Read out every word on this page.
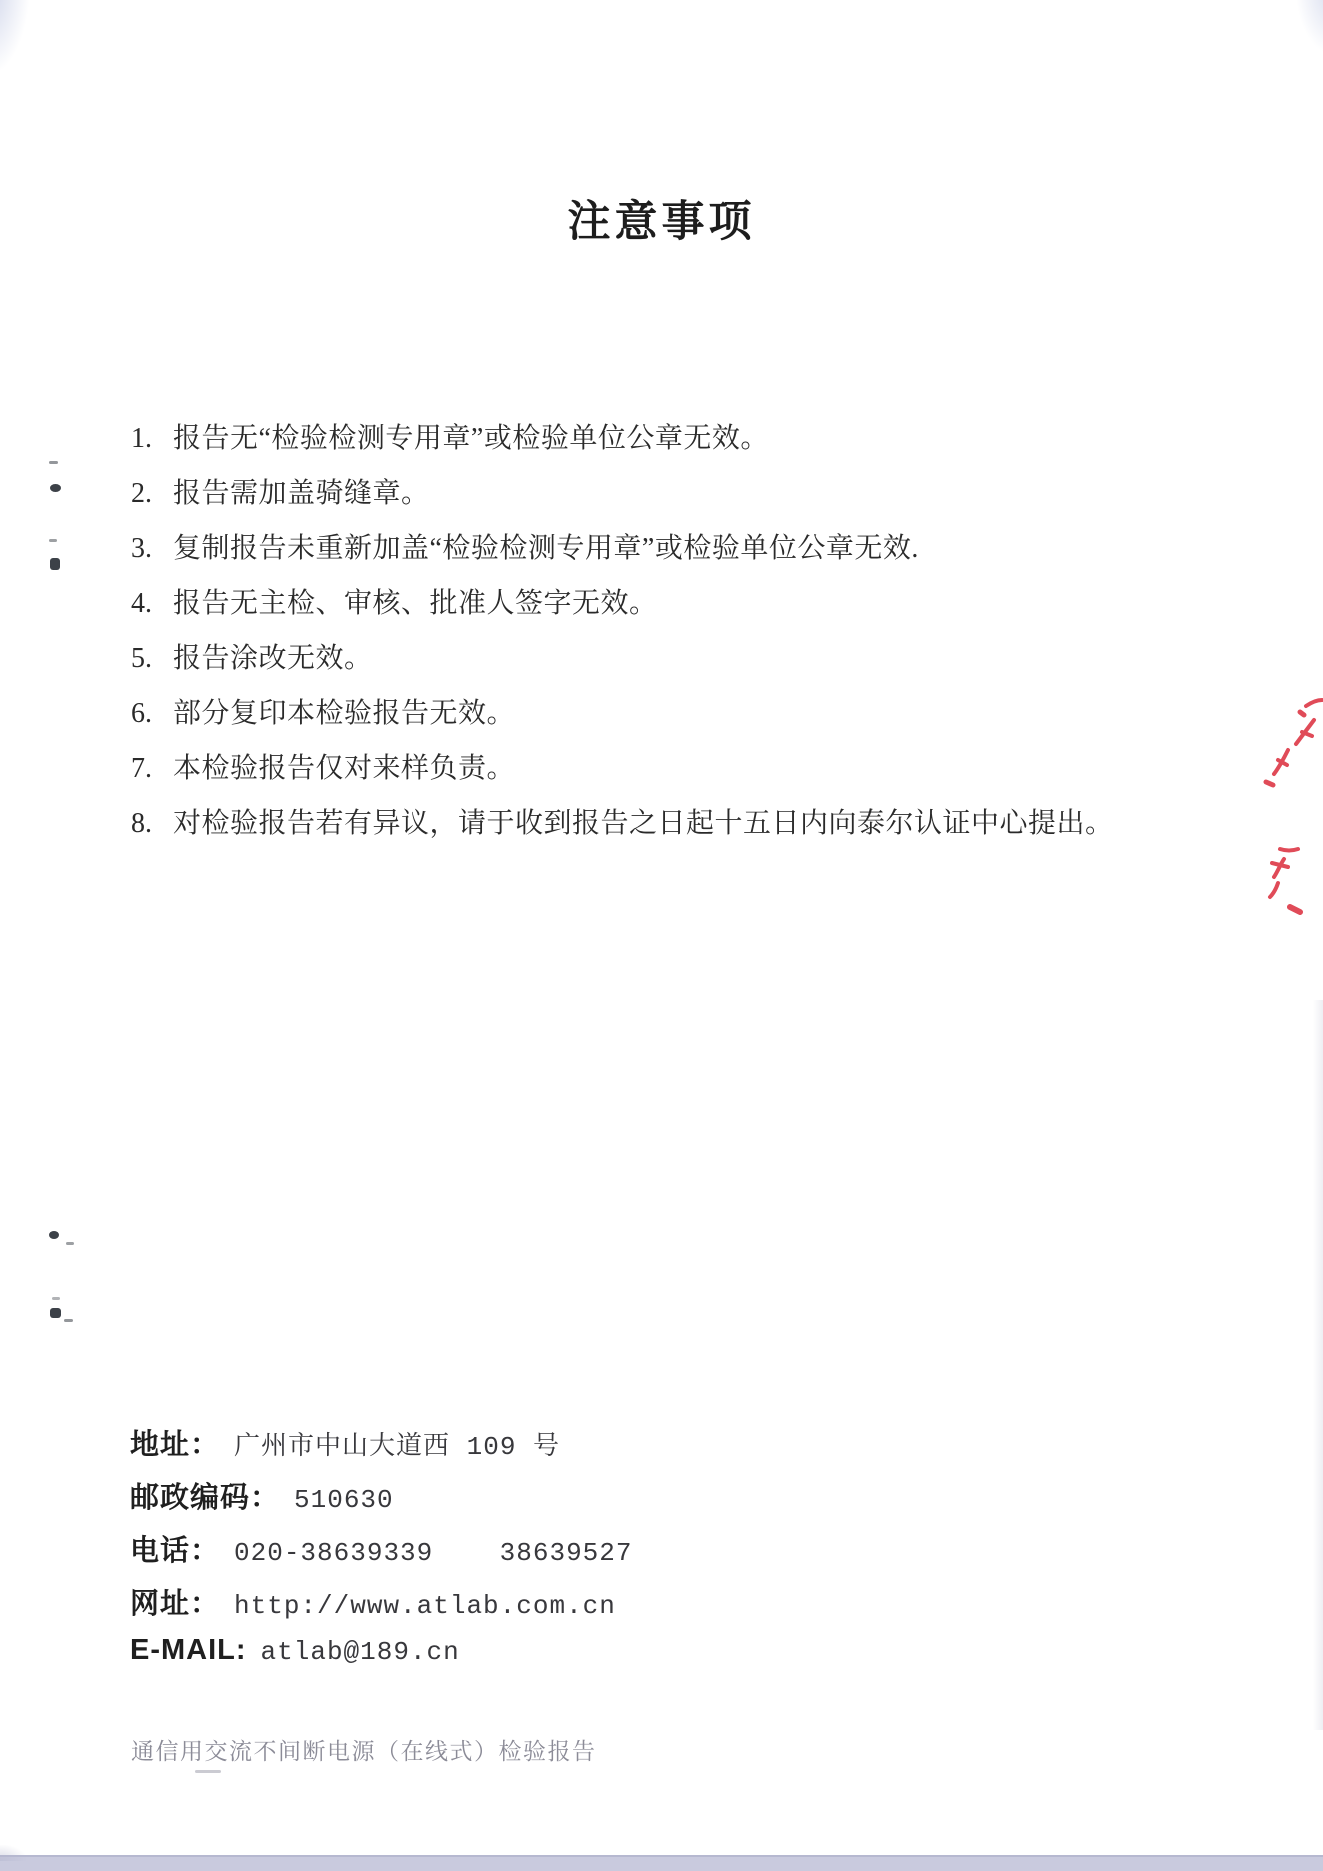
注意事项
1. 报告无“检验检测专用章”或检验单位公章无效。
2. 报告需加盖骑缝章。
3. 复制报告未重新加盖“检验检测专用章”或检验单位公章无效.
4. 报告无主检、审核、批准人签字无效。
5. 报告涂改无效。
6. 部分复印本检验报告无效。
7. 本检验报告仅对来样负责。
8. 对检验报告若有异议，请于收到报告之日起十五日内向泰尔认证中心提出。
地址： 广州市中山大道西 109 号
邮政编码： 510630
电话： 020-38639339    38639527
网址： http://www.atlab.com.cn
E-MAIL: atlab@189.cn
通信用交流不间断电源（在线式）检验报告
